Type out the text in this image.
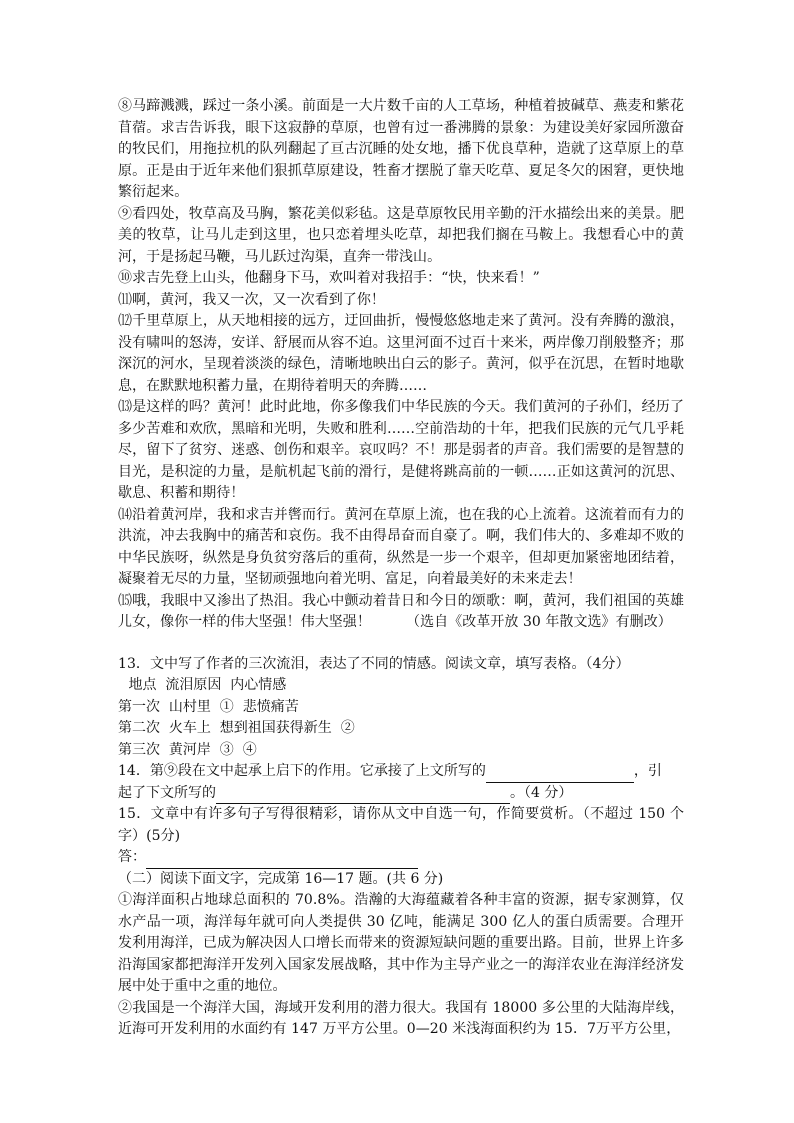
⑧马蹄溅溅，踩过一条小溪。前面是一大片数千亩的人工草场，种植着披碱草、燕麦和紫花苜蓿。求吉告诉我，眼下这寂静的草原，也曾有过一番沸腾的景象：为建设美好家园所激奋的牧民们，用拖拉机的队列翻起了亘古沉睡的处女地，播下优良草种，造就了这草原上的草原。正是由于近年来他们狠抓草原建设，牲畜才摆脱了靠天吃草、夏足冬欠的困窘，更快地繁衍起来。

⑨看四处，牧草高及马胸，繁花美似彩毡。这是草原牧民用辛勤的汗水描绘出来的美景。肥美的牧草，让马儿走到这里，也只恋着埋头吃草，却把我们搁在马鞍上。我想看心中的黄河，于是扬起马鞭，马儿跃过沟渠，直奔一带浅山。

⑩求吉先登上山头，他翻身下马，欢叫着对我招手：“快，快来看！”

⑾啊，黄河，我又一次，又一次看到了你！

⑿千里草原上，从天地相接的远方，迂回曲折，慢慢悠悠地走来了黄河。没有奔腾的激浪，没有啸叫的怒涛，安详、舒展而从容不迫。这里河面不过百十来米，两岸像刀削般整齐；那深沉的河水，呈现着淡淡的绿色，清晰地映出白云的影子。黄河，似乎在沉思，在暂时地歇息，在默默地积蓄力量，在期待着明天的奔腾……

⒀是这样的吗？黄河！此时此地，你多像我们中华民族的今天。我们黄河的子孙们，经历了多少苦难和欢欣，黑暗和光明，失败和胜利……空前浩劫的十年，把我们民族的元气几乎耗尽，留下了贫穷、迷惑、创伤和艰辛。哀叹吗？不！那是弱者的声音。我们需要的是智慧的目光，是积淀的力量，是航机起飞前的滑行，是健将跳高前的一顿……正如这黄河的沉思、歇息、积蓄和期待！

⒁沿着黄河岸，我和求吉并辔而行。黄河在草原上流，也在我的心上流着。这流着而有力的洪流，冲去我胸中的痛苦和哀伤。我不由得昂奋而自豪了。啊，我们伟大的、多难却不败的中华民族呀，纵然是身负贫穷落后的重荷，纵然是一步一个艰辛，但却更加紧密地团结着，凝聚着无尽的力量，坚韧顽强地向着光明、富足，向着最美好的未来走去！

⒂哦，我眼中又渗出了热泪。我心中颤动着昔日和今日的颂歌：啊，黄河，我们祖国的英雄儿女，像你一样的伟大坚强！伟大坚强！　　　（选自《改革开放 30 年散文选》有删改）

13．文中写了作者的三次流泪，表达了不同的情感。阅读文章，填写表格。（4分）

地点  流泪原因  内心情感

第一次  山村里  ①  悲愤痛苦

第二次  火车上  想到祖国获得新生  ②

第三次  黄河岸  ③  ④

14．第⑨段在文中起承上启下的作用。它承接了上文所写的	，引

起了下文所写的	。（4 分）

15．文章中有许多句子写得很精彩，请你从文中自选一句，作简要赏析。（不超过 150 个字）(5分)

答：

（二）阅读下面文字，完成第 16—17 题。(共 6 分)

①海洋面积占地球总面积的 70.8%。浩瀚的大海蕴藏着各种丰富的资源，据专家测算，仅水产品一项，海洋每年就可向人类提供 30 亿吨，能满足 300 亿人的蛋白质需要。合理开发利用海洋，已成为解决因人口增长而带来的资源短缺问题的重要出路。目前，世界上许多沿海国家都把海洋开发列入国家发展战略，其中作为主导产业之一的海洋农业在海洋经济发展中处于重中之重的地位。

②我国是一个海洋大国，海域开发利用的潜力很大。我国有 18000 多公里的大陆海岸线，近海可开发利用的水面约有 147 万平方公里。0—20 米浅海面积约为 15．7万平方公里，
